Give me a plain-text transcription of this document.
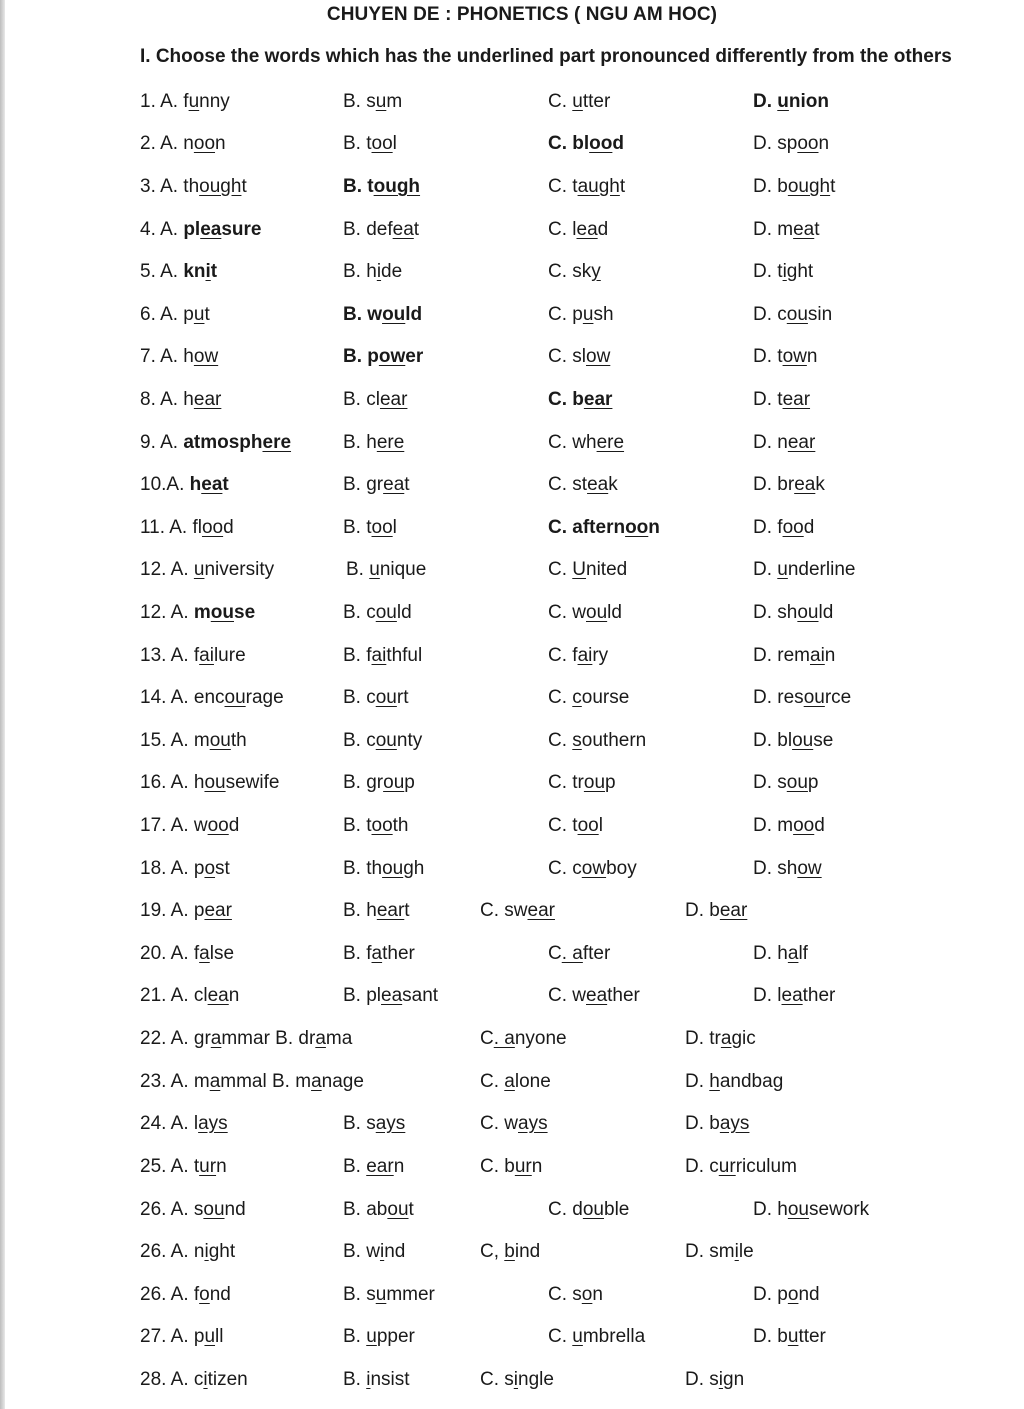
CHUYEN DE : PHONETICS ( NGU AM HOC)
I. Choose the words which has the underlined part pronounced differently from the others
1. A. funny	B. sum	C. utter	D. union
2. A. noon	B. tool	C. blood	D. spoon
3. A. thought	B. tough	C. taught	D. bought
4. A. pleasure	B. defeat	C. lead	D. meat
5. A. knit	B. hide	C. sky	D. tight
6. A. put	B. would	C. push	D. cousin
7. A. how	B. power	C. slow	D. town
8. A. hear	B. clear	C. bear	D. tear
9. A. atmosphere	B. here	C. where	D. near
10.A. heat	B. great	C. steak	D. break
11. A. flood	B. tool	C. afternoon	D. food
12. A. university	B. unique	C. United	D. underline
12. A. mouse	B. could	C. would	D. should
13. A. failure	B. faithful	C. fairy	D. remain
14. A. encourage	B. court	C. course	D. resource
15. A. mouth	B. county	C. southern	D. blouse
16. A. housewife	B. group	C. troup	D. soup
17. A. wood	B. tooth	C. tool	D. mood
18. A. post	B. though	C. cowboy	D. show
19. A. pear	B. heart	C. swear	D. bear
20. A. false	B. father	C. after	D. half
21. A. clean	B. pleasant	C. weather	D. leather
22. A. grammar B. drama	C. anyone	D. tragic
23. A. mammal B. manage	C. alone	D. handbag
24. A. lays	B. says	C. ways	D. bays
25. A. turn	B. earn	C. burn	D. curriculum
26. A. sound	B. about	C. double	D. housework
26. A. night	B. wind	C, bind	D. smile
26. A. fond	B. summer	C. son	D. pond
27. A. pull	B. upper	C. umbrella	D. butter
28. A. citizen	B. insist	C. single	D. sign
